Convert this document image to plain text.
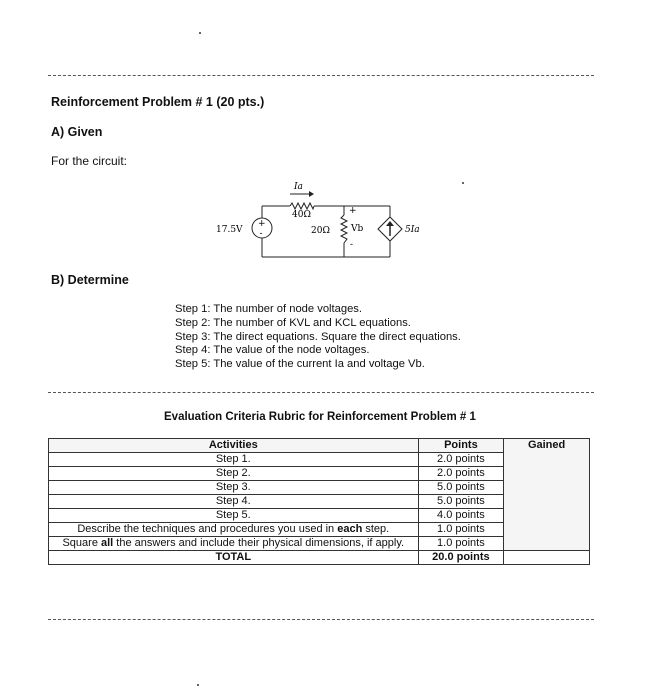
Reinforcement Problem # 1 (20 pts.)
A) Given
For the circuit:
+
-
Ia
40Ω
20Ω
17.5V
+
Vb
-
5Ia
B) Determine
Step 1: The number of node voltages.
Step 2: The number of KVL and KCL equations.
Step 3: The direct equations. Square the direct equations.
Step 4: The value of the node voltages.
Step 5: The value of the current Ia and voltage Vb.
Evaluation Criteria Rubric for Reinforcement Problem # 1
Activities	Points	Gained
Step 1.	2.0 points	
Step 2.	2.0 points	
Step 3.	5.0 points	
Step 4.	5.0 points	
Step 5.	4.0 points	
Describe the techniques and procedures you used in each step.	1.0 points	
Square all the answers and include their physical dimensions, if apply.	1.0 points	
TOTAL	20.0 points	
